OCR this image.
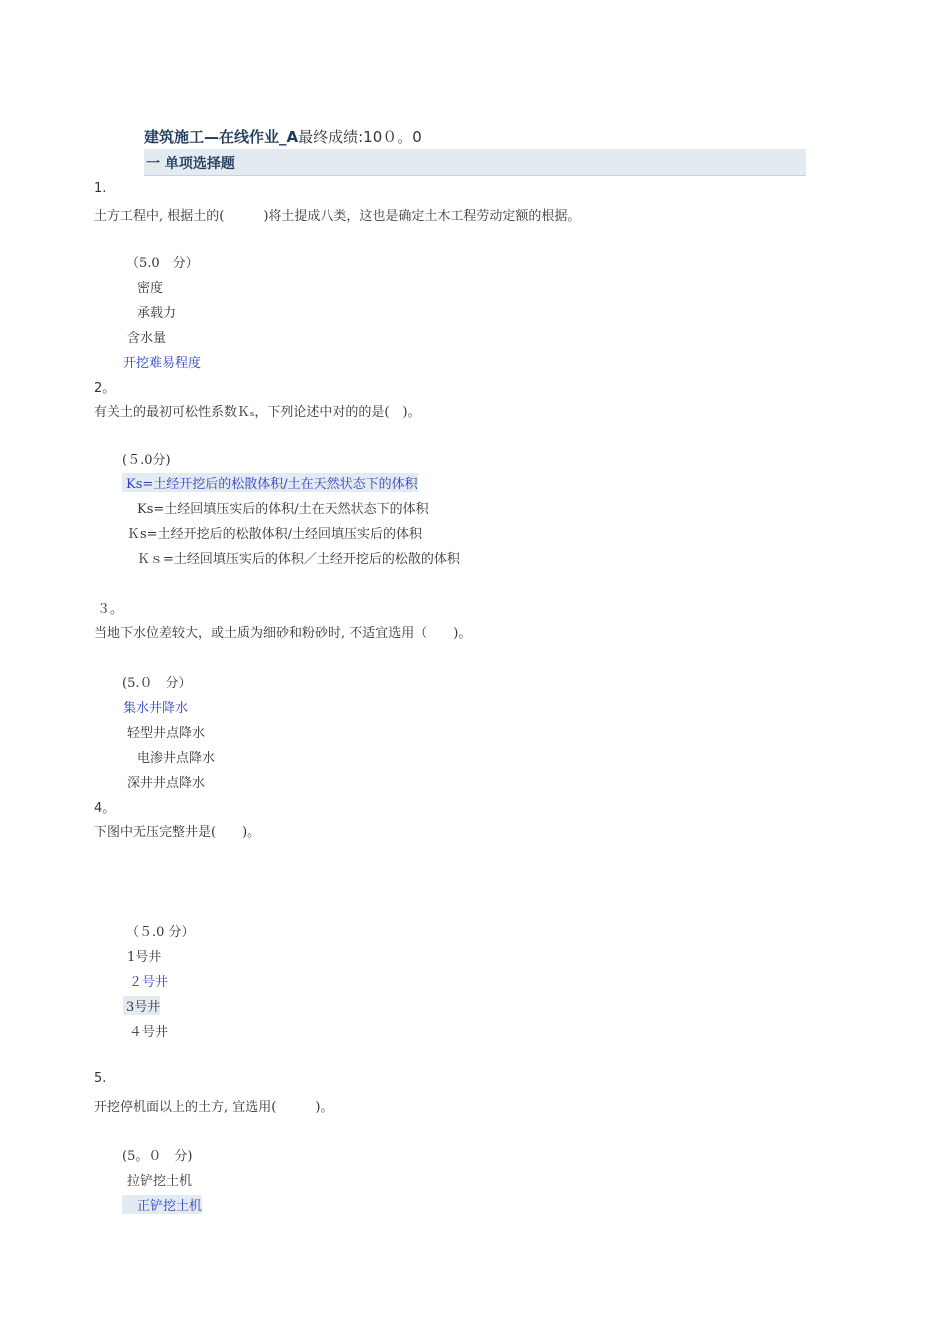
建筑施工—在线作业_A最终成绩:10０。0
一 单项选择题
1.
土方工程中, 根据土的(　　　)将土提成八类，这也是确定土木工程劳动定额的根据。
（5.0　分）
密度
承载力
含水量
开挖难易程度
2。
有关土的最初可松性系数Ｋₛ，下列论述中对的的是(　)。
(５.0分)
Ks=土经开挖后的松散体积/土在天然状态下的体积
Ks=土经回填压实后的体积/土在天然状态下的体积
Ｋs=土经开挖后的松散体积/土经回填压实后的体积
Ｋｓ=土经回填压实后的体积／土经开挖后的松散的体积
３。
当地下水位差较大，或土质为细砂和粉砂时, 不适宜选用（　　)。
(5.０　分）
集水井降水
轻型井点降水
电渗井点降水
深井井点降水
4。
下图中无压完整井是(　　)。
（５.0 分）
1号井
２号井
3号井
４号井
5.
开挖停机面以上的土方, 宜选用(　　　)。
(5。０　分)
拉铲挖土机
正铲挖土机
